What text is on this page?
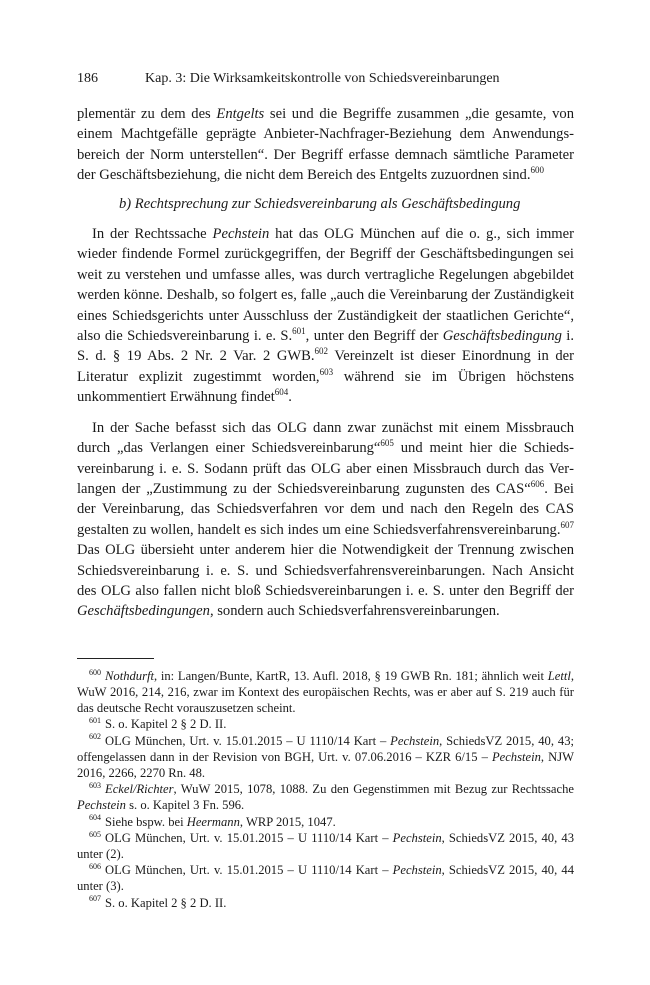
186	Kap. 3: Die Wirksamkeitskontrolle von Schiedsvereinbarungen

plementär zu dem des Entgelts sei und die Begriffe zusammen „die gesamte, von einem Machtgefälle geprägte Anbieter-Nachfrager-Beziehung dem Anwendungsbereich der Norm unterstellen“. Der Begriff erfasse demnach sämtliche Parameter der Geschäftsbeziehung, die nicht dem Bereich des Entgelts zuzuordnen sind.$^{600}$

b) Rechtsprechung zur Schiedsvereinbarung als Geschäftsbedingung

In der Rechtssache Pechstein hat das OLG München auf die o. g., sich immer wieder findende Formel zurückgegriffen, der Begriff der Geschäftsbedingungen sei weit zu verstehen und umfasse alles, was durch vertragliche Regelungen abgebildet werden könne. Deshalb, so folgert es, falle „auch die Vereinbarung der Zuständigkeit eines Schiedsgerichts unter Ausschluss der Zuständigkeit der staatlichen Gerichte“, also die Schiedsvereinbarung i. e. S.$^{601}$, unter den Begriff der Geschäftsbedingung i. S. d. § 19 Abs. 2 Nr. 2 Var. 2 GWB.$^{602}$ Vereinzelt ist dieser Einordnung in der Literatur explizit zugestimmt worden,$^{603}$ während sie im Übrigen höchstens unkommentiert Erwähnung findet$^{604}$.

In der Sache befasst sich das OLG dann zwar zunächst mit einem Missbrauch durch „das Verlangen einer Schiedsvereinbarung“$^{605}$ und meint hier die Schiedsvereinbarung i. e. S. Sodann prüft das OLG aber einen Missbrauch durch das Verlangen der „Zustimmung zu der Schiedsvereinbarung zugunsten des CAS“$^{606}$. Bei der Vereinbarung, das Schiedsverfahren vor dem und nach den Regeln des CAS gestalten zu wollen, handelt es sich indes um eine Schiedsverfahrensvereinbarung.$^{607}$ Das OLG übersieht unter anderem hier die Notwendigkeit der Trennung zwischen Schiedsvereinbarung i. e. S. und Schiedsverfahrensvereinbarungen. Nach Ansicht des OLG also fallen nicht bloß Schiedsvereinbarungen i. e. S. unter den Begriff der Geschäftsbedingungen, sondern auch Schiedsverfahrensvereinbarungen.

$^{600}$ Nothdurft, in: Langen/Bunte, KartR, 13. Aufl. 2018, § 19 GWB Rn. 181; ähnlich weit Lettl, WuW 2016, 214, 216, zwar im Kontext des europäischen Rechts, was er aber auf S. 219 auch für das deutsche Recht vorauszusetzen scheint.

$^{601}$ S. o. Kapitel 2 § 2 D. II.

$^{602}$ OLG München, Urt. v. 15.01.2015 – U 1110/14 Kart – Pechstein, SchiedsVZ 2015, 40, 43; offengelassen dann in der Revision von BGH, Urt. v. 07.06.2016 – KZR 6/15 – Pechstein, NJW 2016, 2266, 2270 Rn. 48.

$^{603}$ Eckel/Richter, WuW 2015, 1078, 1088. Zu den Gegenstimmen mit Bezug zur Rechtssache Pechstein s. o. Kapitel 3 Fn. 596.

$^{604}$ Siehe bspw. bei Heermann, WRP 2015, 1047.

$^{605}$ OLG München, Urt. v. 15.01.2015 – U 1110/14 Kart – Pechstein, SchiedsVZ 2015, 40, 43 unter (2).

$^{606}$ OLG München, Urt. v. 15.01.2015 – U 1110/14 Kart – Pechstein, SchiedsVZ 2015, 40, 44 unter (3).

$^{607}$ S. o. Kapitel 2 § 2 D. II.
